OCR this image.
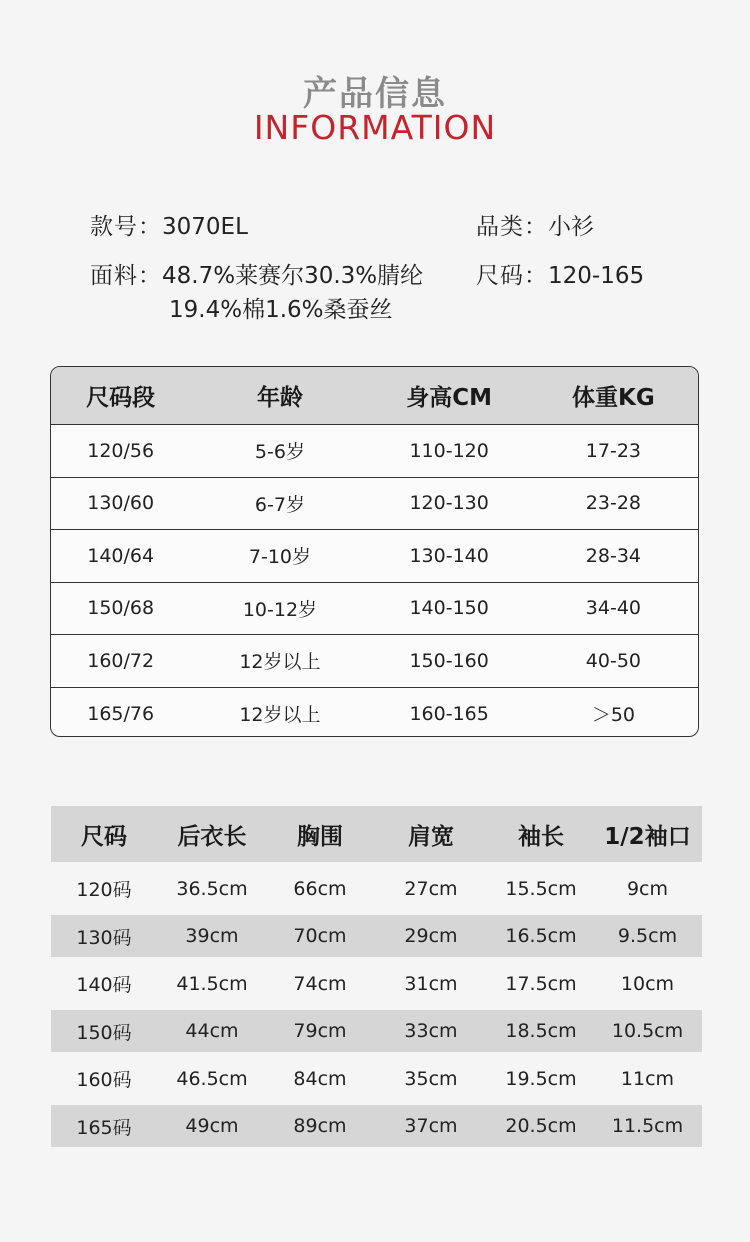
产品信息
INFORMATION
款号：3070EL	品类：小衫
面料：48.7%莱赛尔30.3%腈纶
19.4%棉1.6%桑蚕丝
尺码：120-165
尺码段	年龄	身高CM	体重KG
120/56	5-6岁	110-120	17-23
130/60	6-7岁	120-130	23-28
140/64	7-10岁	130-140	28-34
150/68	10-12岁	140-150	34-40
160/72	12岁以上	150-160	40-50
165/76	12岁以上	160-165	＞50
尺码	后衣长	胸围	肩宽	袖长	1/2袖口
120码	36.5cm	66cm	27cm	15.5cm	9cm
130码	39cm	70cm	29cm	16.5cm	9.5cm
140码	41.5cm	74cm	31cm	17.5cm	10cm
150码	44cm	79cm	33cm	18.5cm	10.5cm
160码	46.5cm	84cm	35cm	19.5cm	11cm
165码	49cm	89cm	37cm	20.5cm	11.5cm
